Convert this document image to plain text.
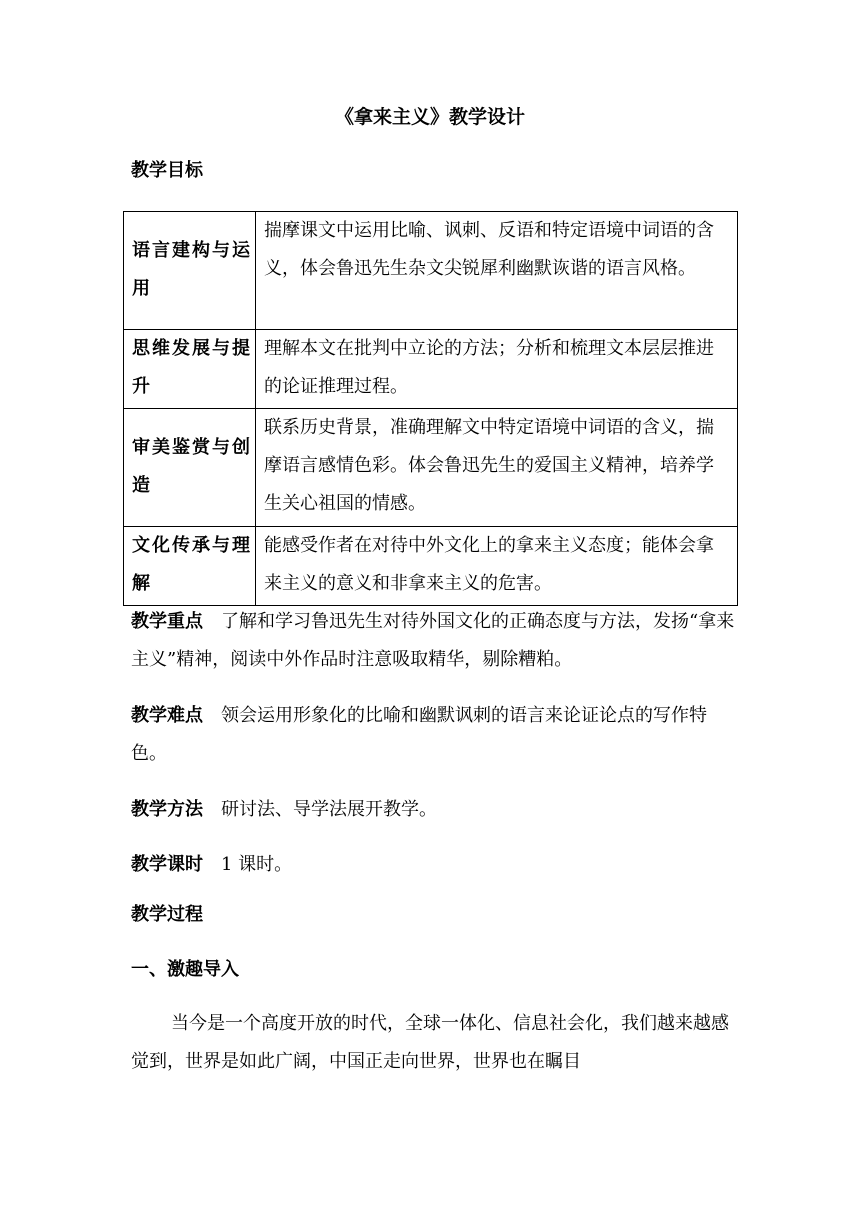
《拿来主义》教学设计
教学目标
语言建构与运用	揣摩课文中运用比喻、讽刺、反语和特定语境中词语的含义，体会鲁迅先生杂文尖锐犀利幽默诙谐的语言风格。
思维发展与提升	理解本文在批判中立论的方法；分析和梳理文本层层推进的论证推理过程。
审美鉴赏与创造	联系历史背景，准确理解文中特定语境中词语的含义，揣摩语言感情色彩。体会鲁迅先生的爱国主义精神，培养学生关心祖国的情感。
文化传承与理解	能感受作者在对待中外文化上的拿来主义态度；能体会拿来主义的意义和非拿来主义的危害。
教学重点 了解和学习鲁迅先生对待外国文化的正确态度与方法，发扬“拿来主义”精神，阅读中外作品时注意吸取精华，剔除糟粕。
教学难点 领会运用形象化的比喻和幽默讽刺的语言来论证论点的写作特色。
教学方法 研讨法、导学法展开教学。
教学课时 1 课时。
教学过程
一、激趣导入
当今是一个高度开放的时代，全球一体化、信息社会化，我们越来越感觉到，世界是如此广阔，中国正走向世界，世界也在瞩目
